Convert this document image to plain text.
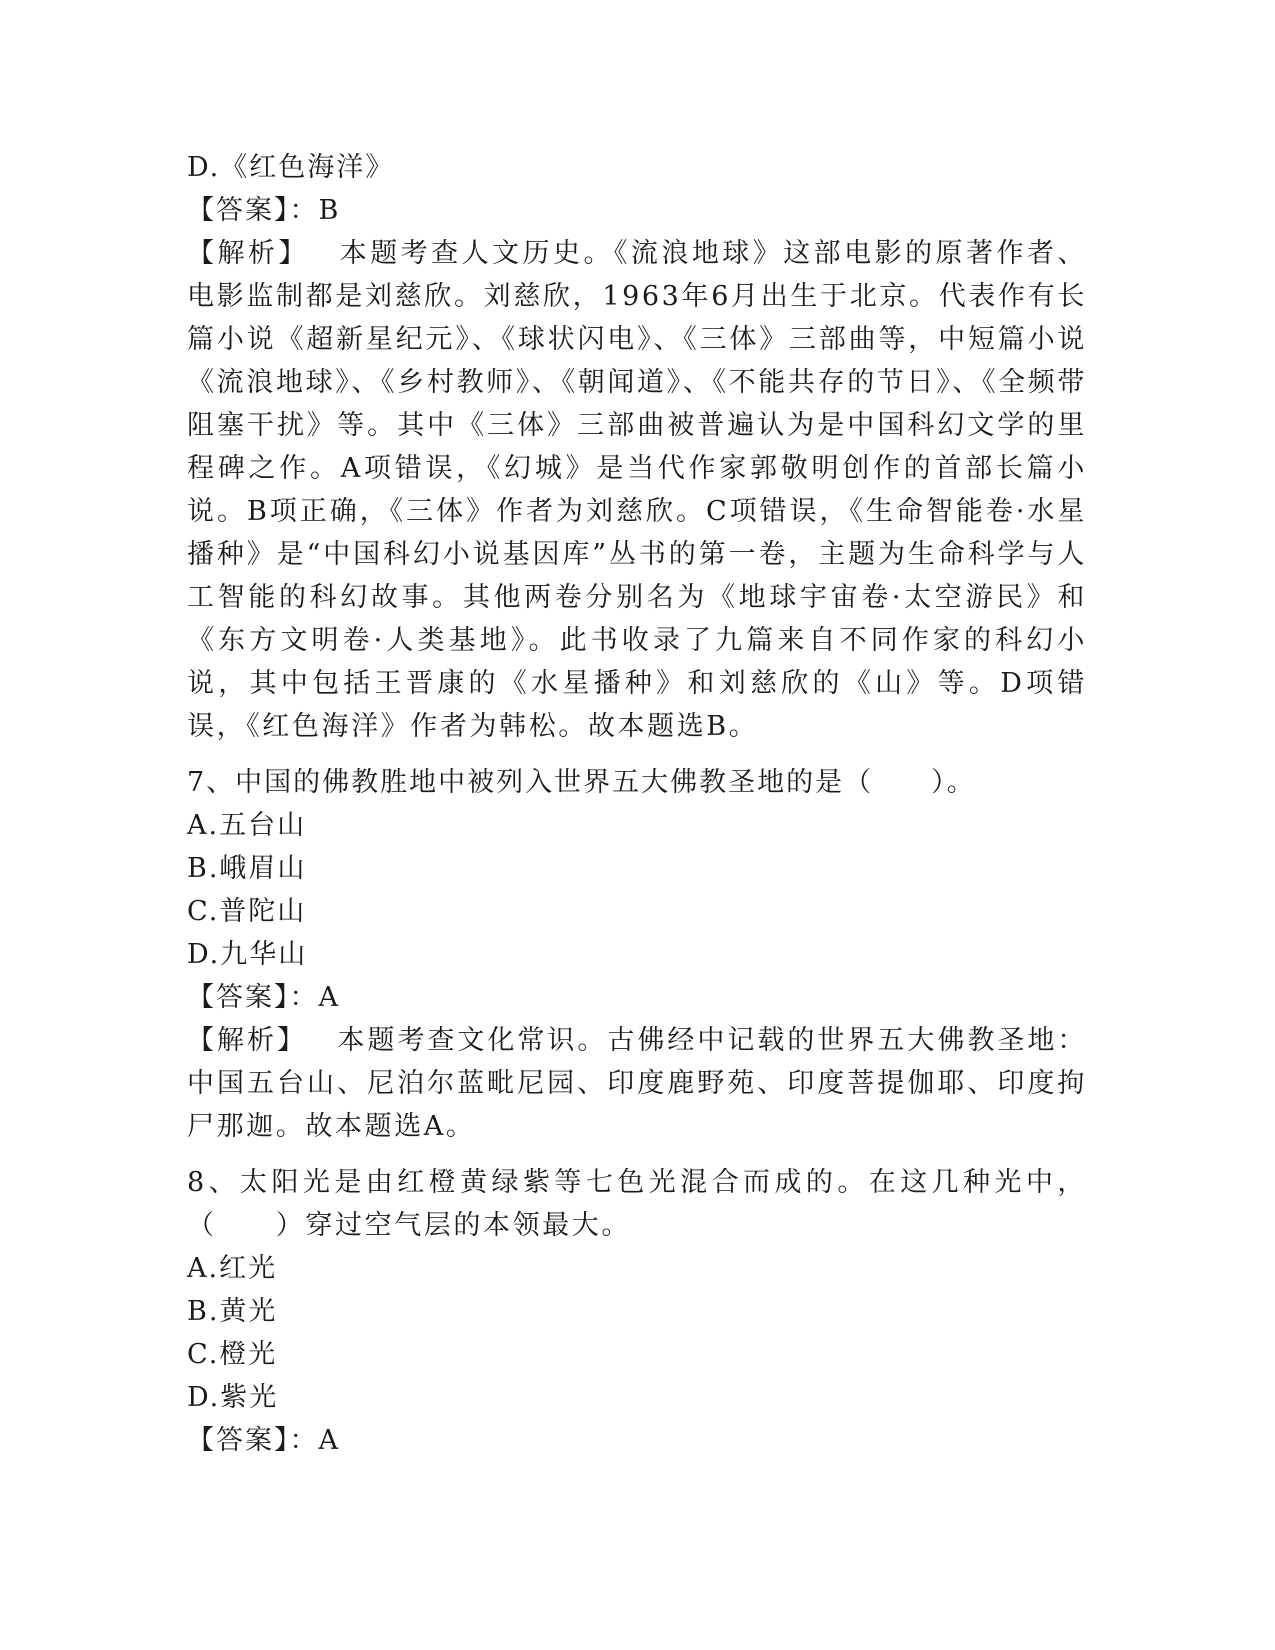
D.《红色海洋》
【答案】：B
【解析】 本题考查人文历史。《流浪地球》这部电影的原著作者、电影监制都是刘慈欣。刘慈欣，1963年6月出生于北京。代表作有长篇小说《超新星纪元》、《球状闪电》、《三体》三部曲等，中短篇小说《流浪地球》、《乡村教师》、《朝闻道》、《不能共存的节日》、《全频带阻塞干扰》等。其中《三体》三部曲被普遍认为是中国科幻文学的里程碑之作。A项错误，《幻城》是当代作家郭敬明创作的首部长篇小说。B项正确，《三体》作者为刘慈欣。C项错误，《生命智能卷·水星播种》是“中国科幻小说基因库”丛书的第一卷，主题为生命科学与人工智能的科幻故事。其他两卷分别名为《地球宇宙卷·太空游民》和《东方文明卷·人类基地》。此书收录了九篇来自不同作家的科幻小说，其中包括王晋康的《水星播种》和刘慈欣的《山》等。D项错误，《红色海洋》作者为韩松。故本题选B。
7、中国的佛教胜地中被列入世界五大佛教圣地的是（　　）。
A.五台山
B.峨眉山
C.普陀山
D.九华山
【答案】：A
【解析】 本题考查文化常识。古佛经中记载的世界五大佛教圣地：中国五台山、尼泊尔蓝毗尼园、印度鹿野苑、印度菩提伽耶、印度拘尸那迦。故本题选A。
8、太阳光是由红橙黄绿紫等七色光混合而成的。在这几种光中，（　　）穿过空气层的本领最大。
A.红光
B.黄光
C.橙光
D.紫光
【答案】：A
